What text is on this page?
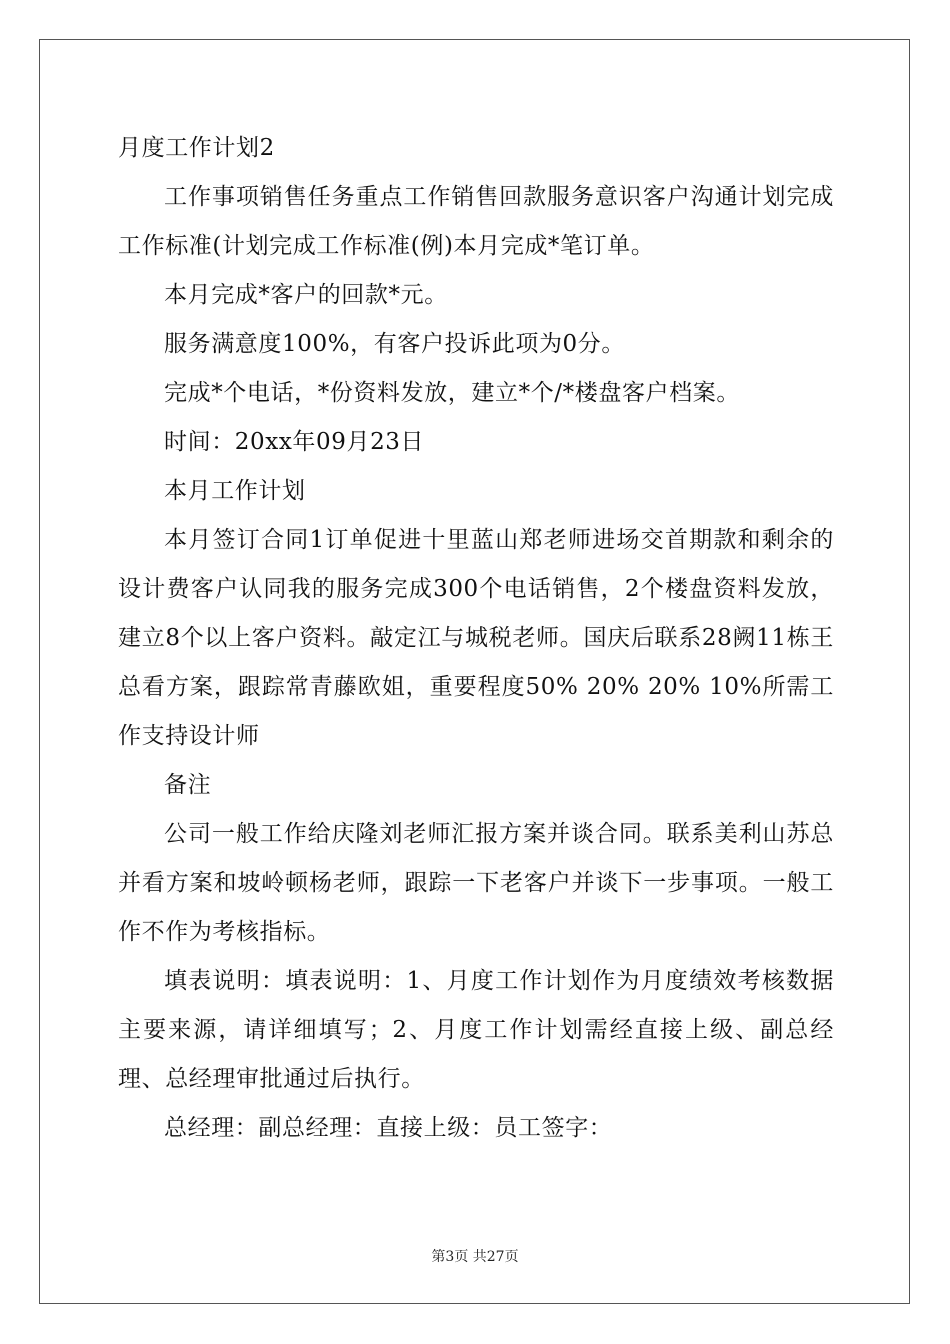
月度工作计划2

工作事项销售任务重点工作销售回款服务意识客户沟通计划完成工作标准(计划完成工作标准(例)本月完成*笔订单。

本月完成*客户的回款*元。

服务满意度100%，有客户投诉此项为0分。

完成*个电话，*份资料发放，建立*个/*楼盘客户档案。

时间：20xx年09月23日

本月工作计划

本月签订合同1订单促进十里蓝山郑老师进场交首期款和剩余的设计费客户认同我的服务完成300个电话销售，2个楼盘资料发放，建立8个以上客户资料。敲定江与城税老师。国庆后联系28阙11栋王总看方案，跟踪常青藤欧姐，重要程度50% 20% 20% 10%所需工作支持设计师

备注

公司一般工作给庆隆刘老师汇报方案并谈合同。联系美利山苏总并看方案和坡岭顿杨老师，跟踪一下老客户并谈下一步事项。一般工作不作为考核指标。

填表说明：填表说明：1、月度工作计划作为月度绩效考核数据主要来源，请详细填写；2、月度工作计划需经直接上级、副总经理、总经理审批通过后执行。

总经理：副总经理：直接上级：员工签字：

第3页 共27页
